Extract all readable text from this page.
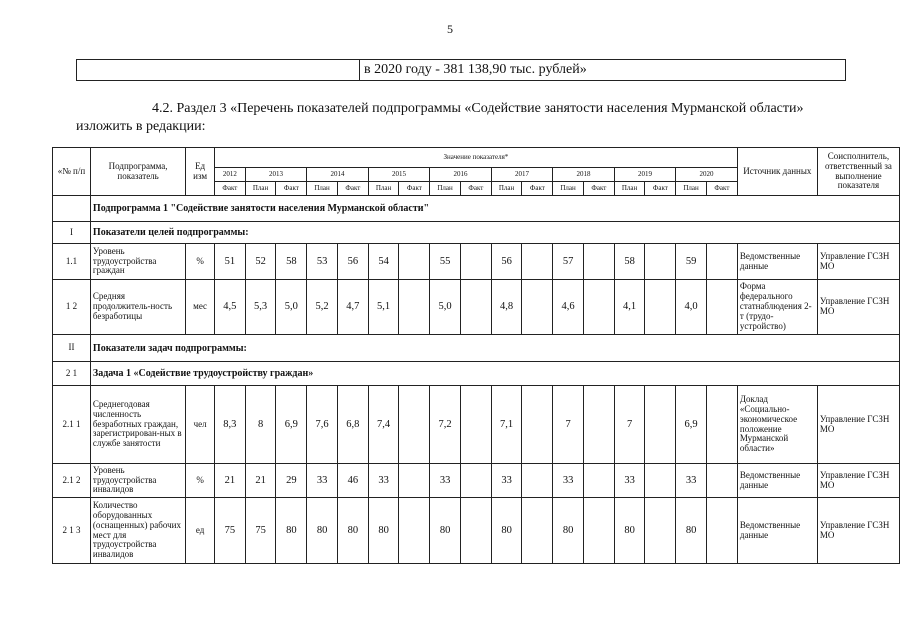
5
в 2020 году - 381 138,90 тыс. рублей»
4.2. Раздел 3 «Перечень показателей подпрограммы «Содействие занятости населения Мурманской области»
изложить в редакции:
«№ п/п	Подпрограмма, показатель	Ед изм	Значение показателя*																	Источник данных	Соисполнитель, ответственный за выполнение показателя
			2012	2013		2014		2015		2016		2017		2018		2019		2020			
			Факт	План	Факт	План	Факт	План	Факт	План	Факт	План	Факт	План	Факт	План	Факт	План	Факт		
	Подпрограмма 1 "Содействие занятости населения Мурманской области"																				
I	Показатели целей подпрограммы:																				
1.1	Уровень трудоустройства граждан	%	51	52	58	53	56	54		55		56		57		58		59		Ведомственные данные	Управление ГСЗН МО
1 2	Средняя продолжитель-ность безработицы	мес	4,5	5,3	5,0	5,2	4,7	5,1		5,0		4,8		4,6		4,1		4,0		Форма федерального статнаблюдения 2-т (трудо-устройство)	Управление ГСЗН МО
II	Показатели задач подпрограммы:																				
2 1	Задача 1 «Содействие трудоустройству граждан»																				
2.1 1	Среднегодовая численность безработных граждан, зарегистрирован-ных в службе занятости	чел	8,3	8	6,9	7,6	6,8	7,4		7,2		7,1		7		7		6,9		Доклад «Социально-экономическое положение Мурманской области»	Управление ГСЗН МО
2.1 2	Уровень трудоустройства инвалидов	%	21	21	29	33	46	33		33		33		33		33		33		Ведомственные данные	Управление ГСЗН МО
2 1 3	Количество оборудованных (оснащенных) рабочих мест для трудоустройства инвалидов	ед	75	75	80	80	80	80		80		80		80		80		80		Ведомственные данные	Управление ГСЗН МО
